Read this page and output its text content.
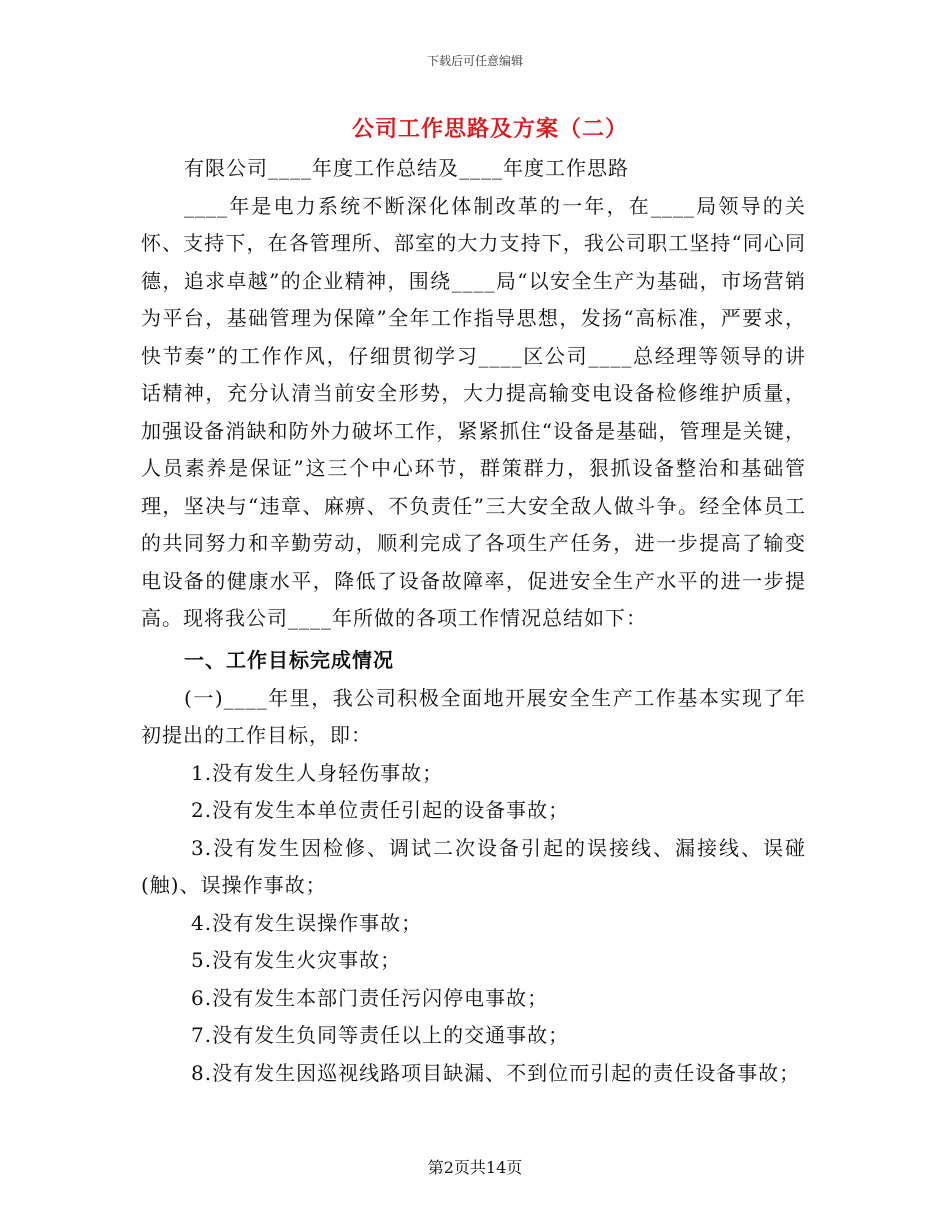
下载后可任意编辑
公司工作思路及方案（二）

有限公司____年度工作总结及____年度工作思路

____年是电力系统不断深化体制改革的一年，在____局领导的关怀、支持下，在各管理所、部室的大力支持下，我公司职工坚持“同心同德，追求卓越”的企业精神，围绕____局“以安全生产为基础，市场营销为平台，基础管理为保障”全年工作指导思想，发扬“高标准，严要求，快节奏”的工作作风，仔细贯彻学习____区公司____总经理等领导的讲话精神，充分认清当前安全形势，大力提高输变电设备检修维护质量，加强设备消缺和防外力破坏工作，紧紧抓住“设备是基础，管理是关键，人员素养是保证”这三个中心环节，群策群力，狠抓设备整治和基础管理，坚决与“违章、麻痹、不负责任”三大安全敌人做斗争。经全体员工的共同努力和辛勤劳动，顺利完成了各项生产任务，进一步提高了输变电设备的健康水平，降低了设备故障率，促进安全生产水平的进一步提高。现将我公司____年所做的各项工作情况总结如下：

一、工作目标完成情况

(一)____年里，我公司积极全面地开展安全生产工作基本实现了年初提出的工作目标，即：

1.没有发生人身轻伤事故；

2.没有发生本单位责任引起的设备事故；

3.没有发生因检修、调试二次设备引起的误接线、漏接线、误碰(触)、误操作事故；

4.没有发生误操作事故；

5.没有发生火灾事故；

6.没有发生本部门责任污闪停电事故；

7.没有发生负同等责任以上的交通事故；

8.没有发生因巡视线路项目缺漏、不到位而引起的责任设备事故；

第2页共14页
